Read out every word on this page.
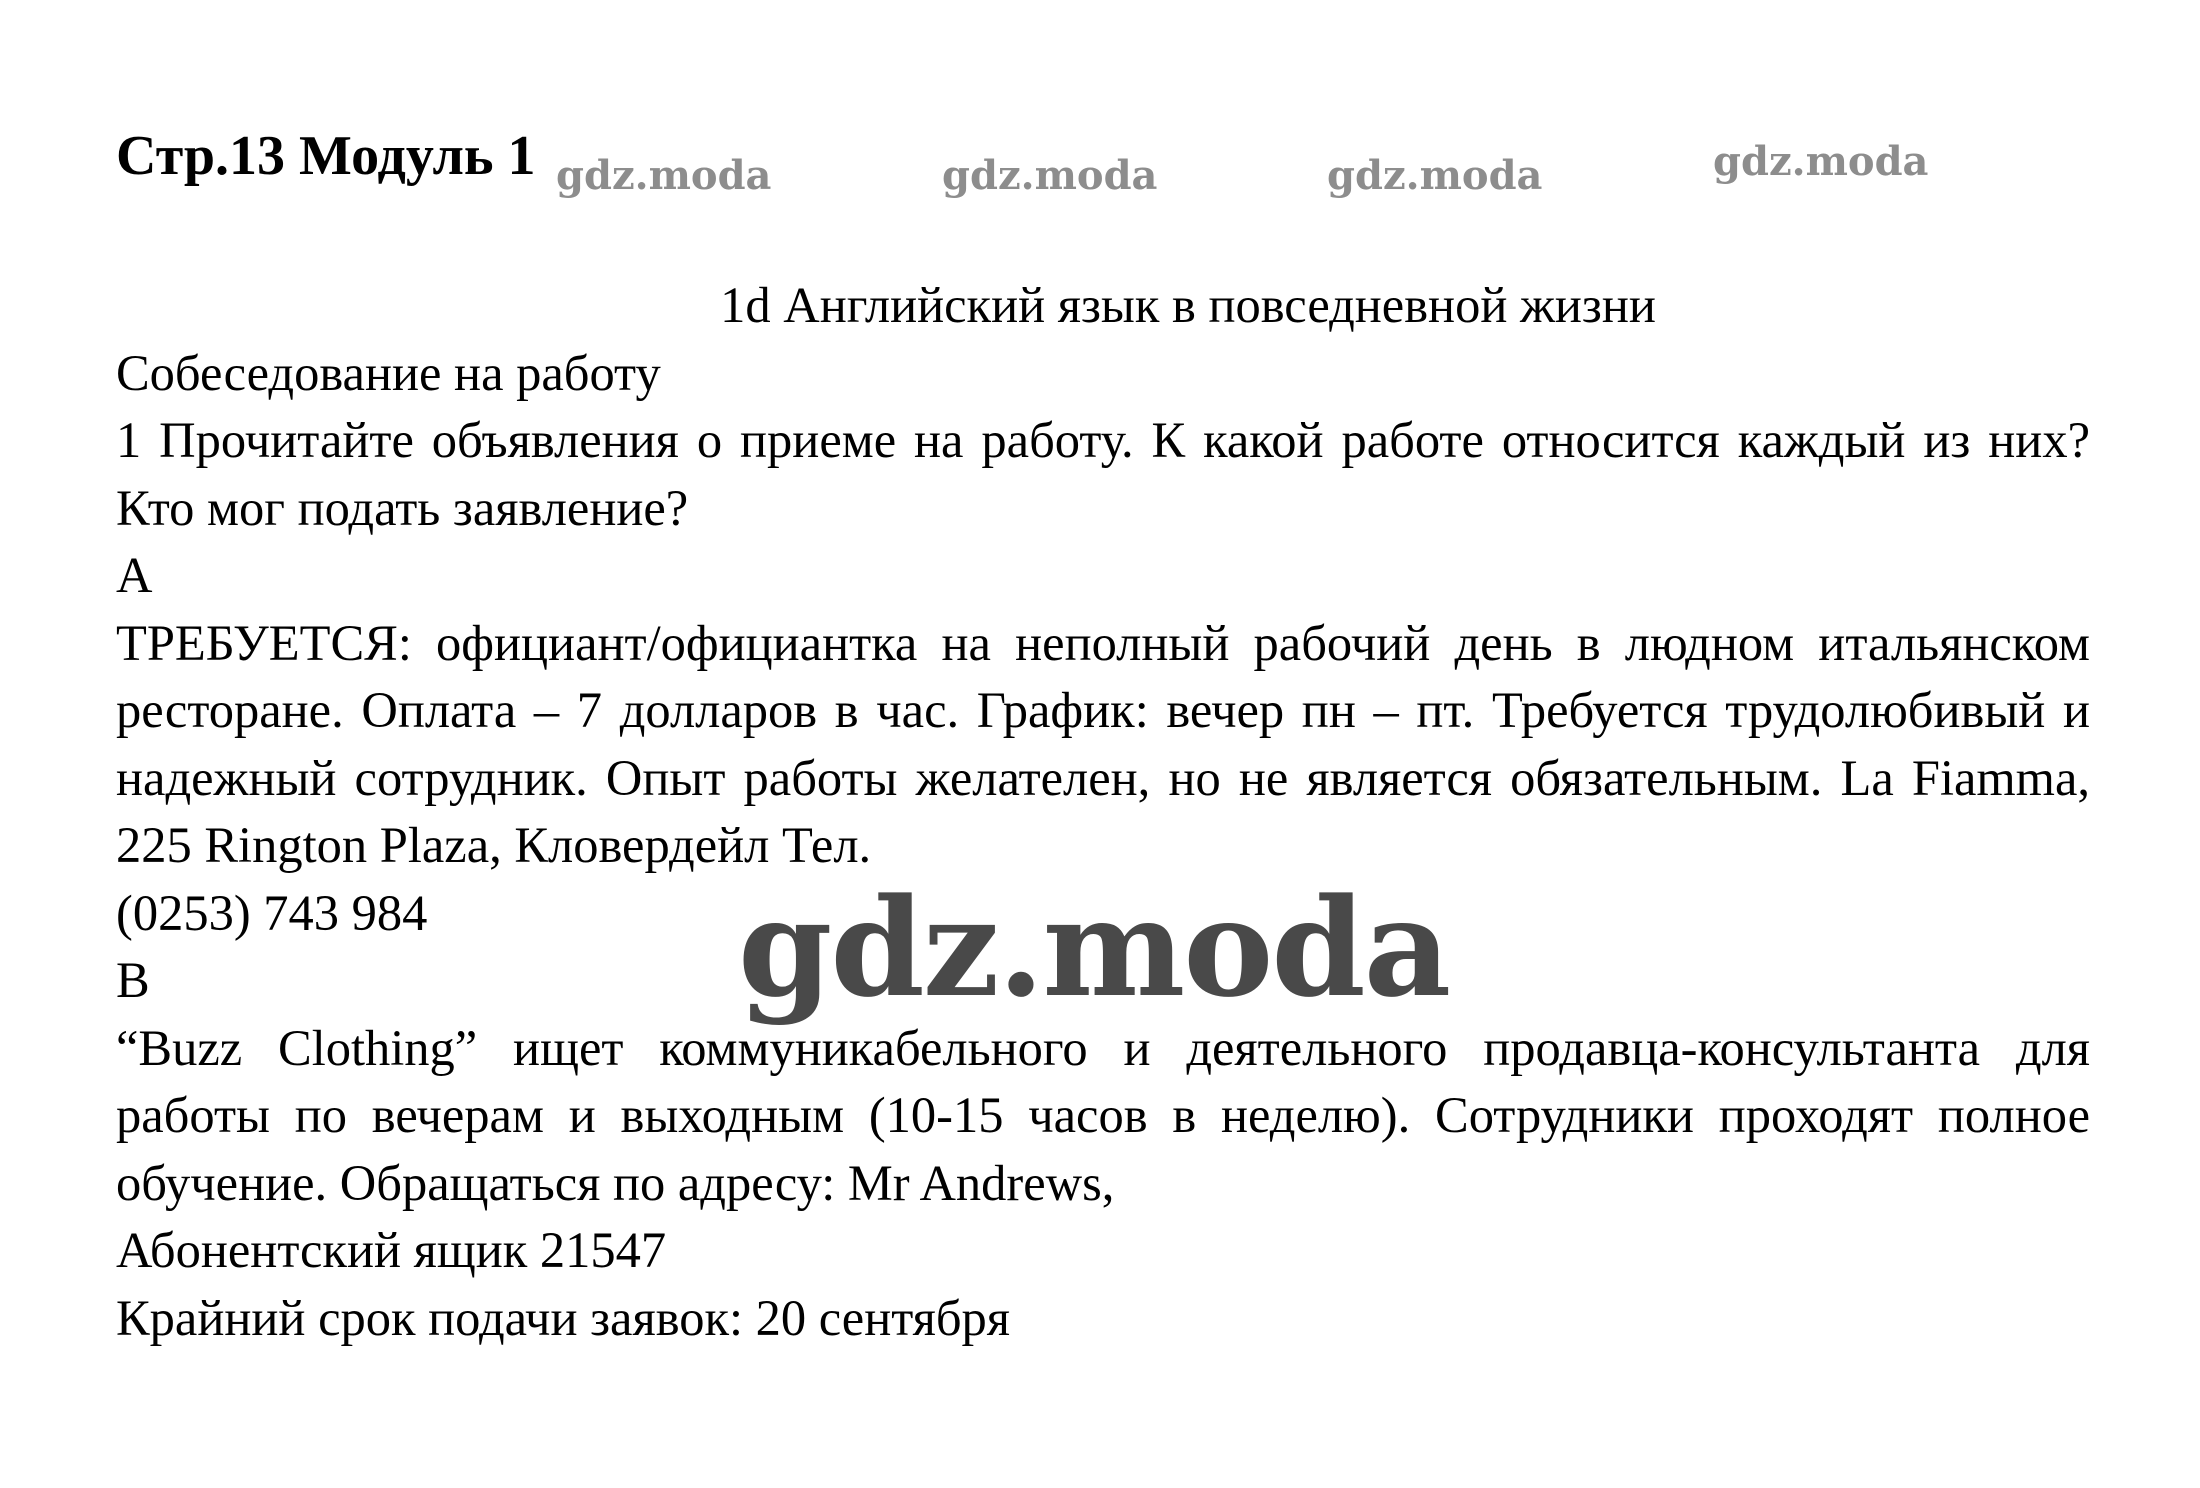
Стр.13 Модуль 1 gdz.moda	gdz.moda	gdz.moda	gdz.moda

1d Английский язык в повседневной жизни

Собеседование на работу

1 Прочитайте объявления о приеме на работу. К какой работе относится каждый из них? Кто мог подать заявление?

A

ТРЕБУЕТСЯ: официант/официантка на неполный рабочий день в людном итальянском ресторане. Оплата – 7 долларов в час. График: вечер пн – пт. Требуется трудолюбивый и надежный сотрудник. Опыт работы желателен, но не является обязательным. La Fiamma, 225 Rington Plaza, Кловердейл Тел.

(0253) 743 984

B

“Buzz Clothing” ищет коммуникабельного и деятельного продавца-консультанта для работы по вечерам и выходным (10-15 часов в неделю). Сотрудники проходят полное обучение. Обращаться по адресу: Mr Andrews,

Абонентский ящик 21547

Крайний срок подачи заявок: 20 сентября

gdz.moda
